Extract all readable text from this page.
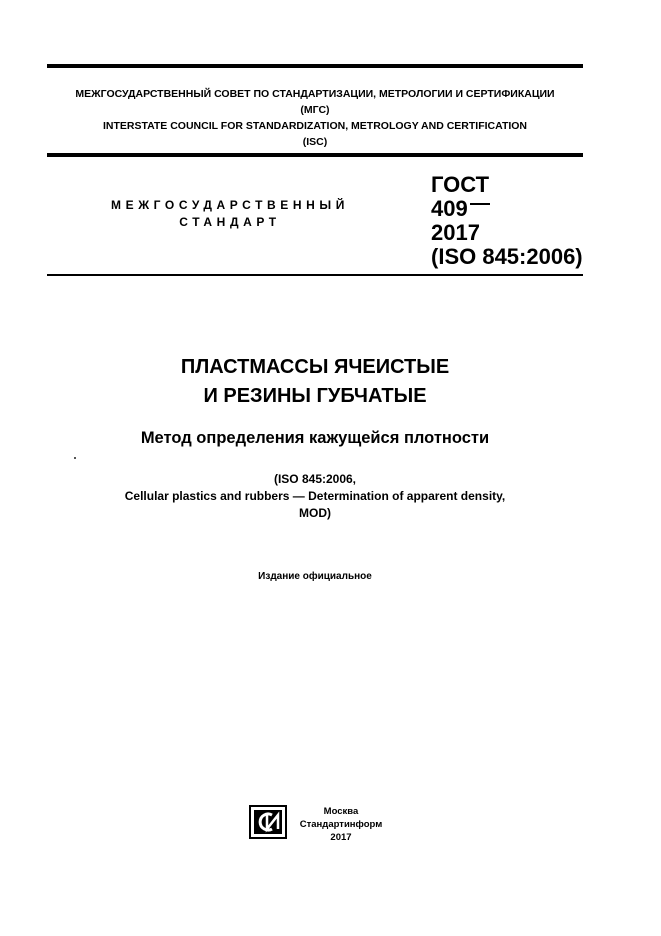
МЕЖГОСУДАРСТВЕННЫЙ СОВЕТ ПО СТАНДАРТИЗАЦИИ, МЕТРОЛОГИИ И СЕРТИФИКАЦИИ
(МГС)
INTERSTATE COUNCIL FOR STANDARDIZATION, METROLOGY AND CERTIFICATION
(ISC)
МЕЖГОСУДАРСТВЕННЫЙ
СТАНДАРТ
ГОСТ
409
2017
(ISO 845:2006)
ПЛАСТМАССЫ ЯЧЕИСТЫЕ
И РЕЗИНЫ ГУБЧАТЫЕ
Метод определения кажущейся плотности
(ISO 845:2006,
Cellular plastics and rubbers — Determination of apparent density,
MOD)
Издание официальное
Москва
Стандартинформ
2017
